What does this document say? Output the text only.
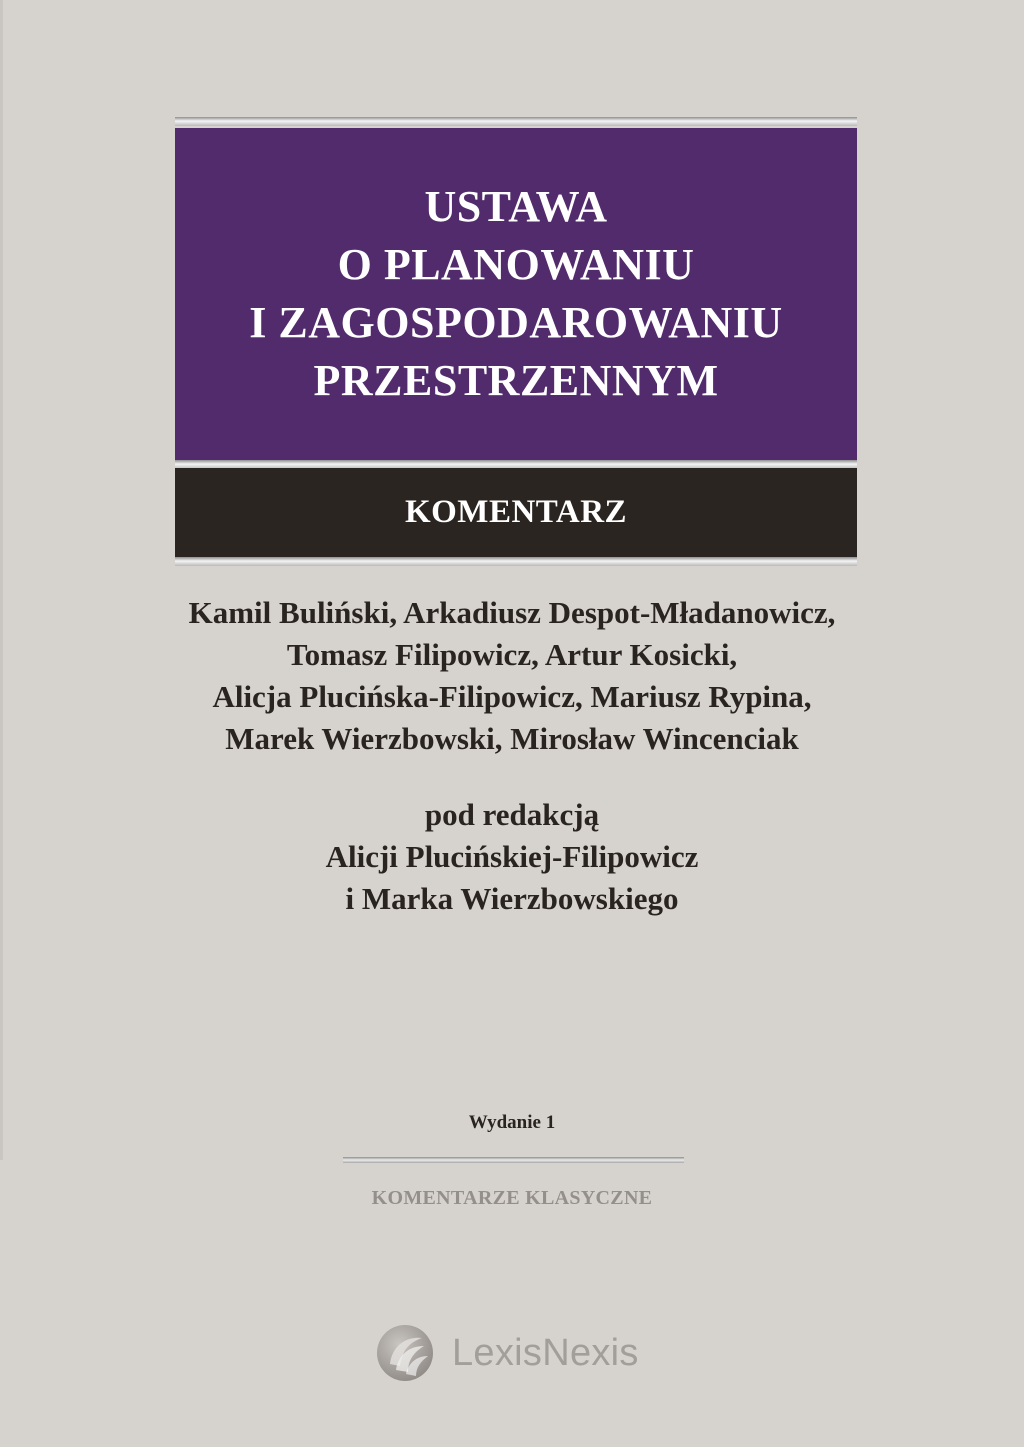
USTAWA
O PLANOWANIU
I ZAGOSPODAROWANIU
PRZESTRZENNYM
KOMENTARZ
Kamil Buliński, Arkadiusz Despot-Mładanowicz,
Tomasz Filipowicz, Artur Kosicki,
Alicja Plucińska-Filipowicz, Mariusz Rypina,
Marek Wierzbowski, Mirosław Wincenciak
pod redakcją
Alicji Plucińskiej-Filipowicz
i Marka Wierzbowskiego
Wydanie 1
KOMENTARZE KLASYCZNE
LexisNexis
